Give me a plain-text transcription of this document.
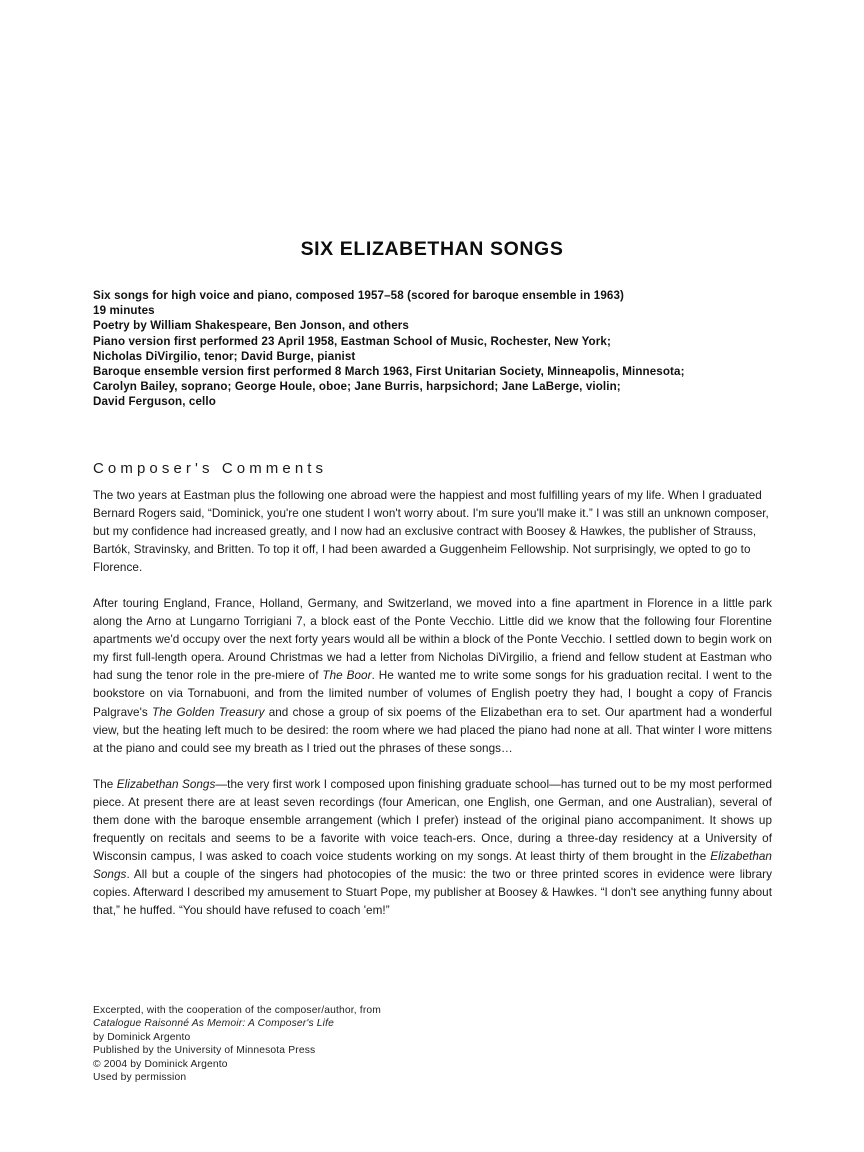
SIX ELIZABETHAN SONGS
Six songs for high voice and piano, composed 1957–58 (scored for baroque ensemble in 1963)
19 minutes
Poetry by William Shakespeare, Ben Jonson, and others
Piano version first performed 23 April 1958, Eastman School of Music, Rochester, New York;
Nicholas DiVirgilio, tenor; David Burge, pianist
Baroque ensemble version first performed 8 March 1963, First Unitarian Society, Minneapolis, Minnesota;
Carolyn Bailey, soprano; George Houle, oboe; Jane Burris, harpsichord; Jane LaBerge, violin;
David Ferguson, cello
Composer's Comments

The two years at Eastman plus the following one abroad were the happiest and most fulfilling years of my life. When I graduated Bernard Rogers said, “Dominick, you're one student I won't worry about. I'm sure you'll make it.” I was still an unknown composer, but my confidence had increased greatly, and I now had an exclusive contract with Boosey & Hawkes, the publisher of Strauss, Bartók, Stravinsky, and Britten. To top it off, I had been awarded a Guggenheim Fellowship. Not surprisingly, we opted to go to Florence.

After touring England, France, Holland, Germany, and Switzerland, we moved into a fine apartment in Florence in a little park along the Arno at Lungarno Torrigiani 7, a block east of the Ponte Vecchio. Little did we know that the following four Florentine apartments we'd occupy over the next forty years would all be within a block of the Ponte Vecchio. I settled down to begin work on my first full-length opera. Around Christmas we had a letter from Nicholas DiVirgilio, a friend and fellow student at Eastman who had sung the tenor role in the pre-miere of The Boor. He wanted me to write some songs for his graduation recital. I went to the bookstore on via Tornabuoni, and from the limited number of volumes of English poetry they had, I bought a copy of Francis Palgrave's The Golden Treasury and chose a group of six poems of the Elizabethan era to set. Our apartment had a wonderful view, but the heating left much to be desired: the room where we had placed the piano had none at all. That winter I wore mittens at the piano and could see my breath as I tried out the phrases of these songs…

The Elizabethan Songs—the very first work I composed upon finishing graduate school—has turned out to be my most performed piece. At present there are at least seven recordings (four American, one English, one German, and one Australian), several of them done with the baroque ensemble arrangement (which I prefer) instead of the original piano accompaniment. It shows up frequently on recitals and seems to be a favorite with voice teach-ers. Once, during a three-day residency at a University of Wisconsin campus, I was asked to coach voice students working on my songs. At least thirty of them brought in the Elizabethan Songs. All but a couple of the singers had photocopies of the music: the two or three printed scores in evidence were library copies. Afterward I described my amusement to Stuart Pope, my publisher at Boosey & Hawkes. “I don't see anything funny about that,” he huffed. “You should have refused to coach 'em!”

Excerpted, with the cooperation of the composer/author, from
Catalogue Raisonné As Memoir: A Composer's Life
by Dominick Argento
Published by the University of Minnesota Press
© 2004 by Dominick Argento
Used by permission
